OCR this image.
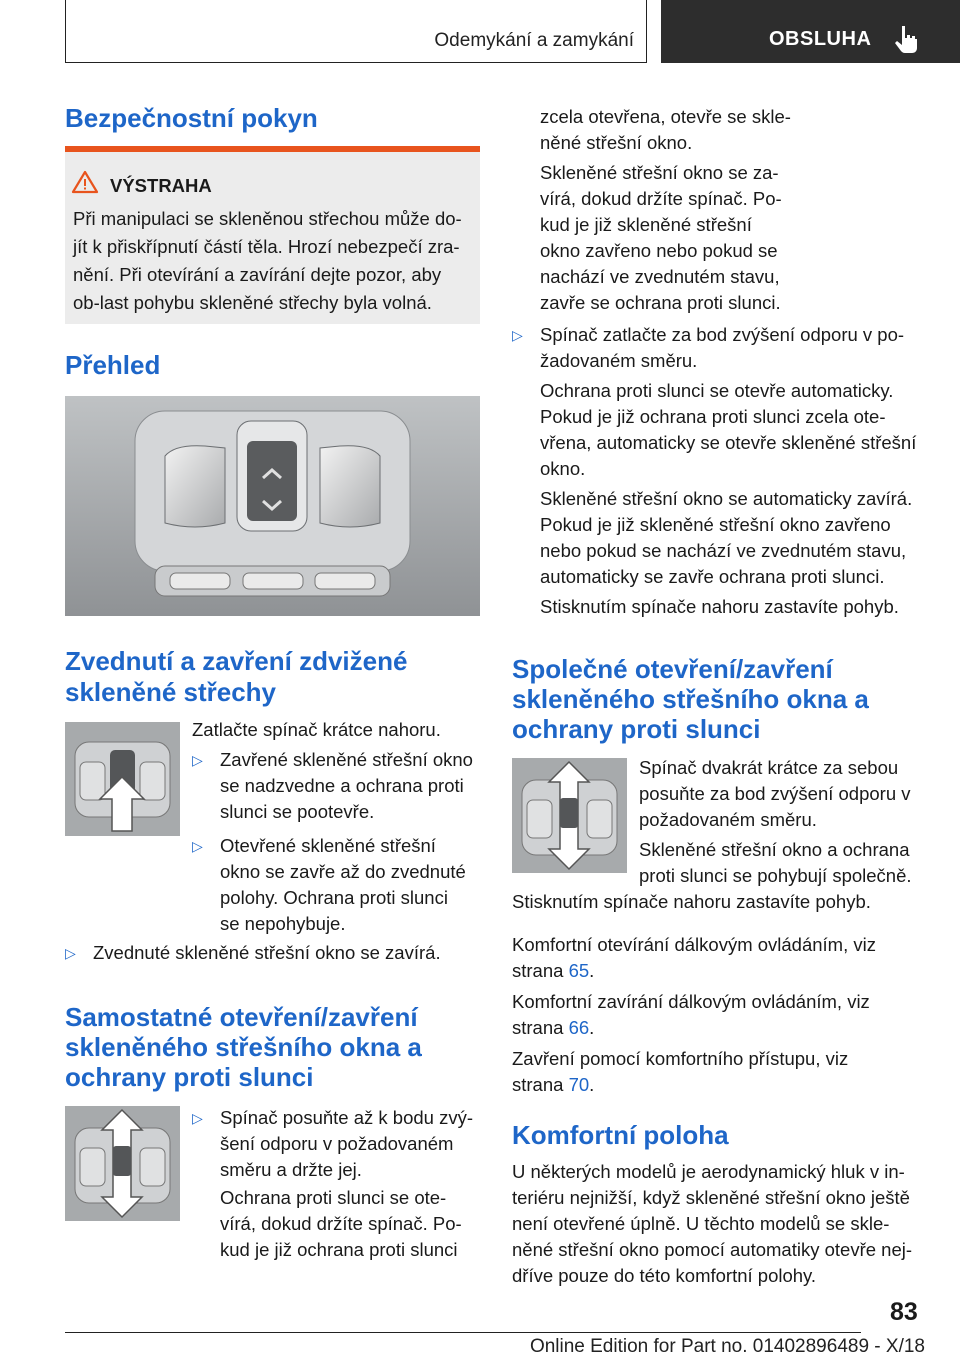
Odemykání a zamykání	OBSLUHA
Bezpečnostní pokyn
VÝSTRAHA

Při manipulaci se skleněnou střechou může do-jít k přiskřípnutí částí těla. Hrozí nebezpečí zra-nění. Při otevírání a zavírání dejte pozor, aby ob-last pohybu skleněné střechy byla volná.

Přehled
Zvednutí a zavření zdvižené
skleněné střechy

Zatlačte spínač krátce nahoru.

▷ Zavřené skleněné střešní okno

se nadzvedne a ochrana proti

slunci se pootevře.

▷ Otevřené skleněné střešní

okno se zavře až do zvednuté

polohy. Ochrana proti slunci

se nepohybuje.

▷ Zvednuté skleněné střešní okno se zavírá.

Samostatné otevření/zavření
skleněného střešního okna a
ochrany proti slunci
▷ Spínač posuňte až k bodu zvý-

šení odporu v požadovaném

směru a držte jej.

Ochrana proti slunci se ote-

vírá, dokud držíte spínač. Po-

kud je již ochrana proti slunci

zcela otevřena, otevře se skle-

něné střešní okno.

Skleněné střešní okno se za-

vírá, dokud držíte spínač. Po-

kud je již skleněné střešní

okno zavřeno nebo pokud se

nachází ve zvednutém stavu,

zavře se ochrana proti slunci.

▷ Spínač zatlačte za bod zvýšení odporu v po-

žadovaném směru.

Ochrana proti slunci se otevře automaticky.

Pokud je již ochrana proti slunci zcela ote-

vřena, automaticky se otevře skleněné střešní

okno.

Skleněné střešní okno se automaticky zavírá.

Pokud je již skleněné střešní okno zavřeno

nebo pokud se nachází ve zvednutém stavu,

automaticky se zavře ochrana proti slunci.

Stisknutím spínače nahoru zastavíte pohyb.

Společné otevření/zavření
skleněného střešního okna a
ochrany proti slunci

Spínač dvakrát krátce za sebou

posuňte za bod zvýšení odporu v

požadovaném směru.

Skleněné střešní okno a ochrana

proti slunci se pohybují společně.

Stisknutím spínače nahoru zastavíte pohyb.

Komfortní otevírání dálkovým ovládáním, viz

strana 65.

Komfortní zavírání dálkovým ovládáním, viz

strana 66.

Zavření pomocí komfortního přístupu, viz

strana 70.

Komfortní poloha

U některých modelů je aerodynamický hluk v in-

teriéru nejnižší, když skleněné střešní okno ještě

není otevřené úplně. U těchto modelů se skle-

něné střešní okno pomocí automatiky otevře nej-

dříve pouze do této komfortní polohy.

83
Online Edition for Part no. 01402896489 - X/18
